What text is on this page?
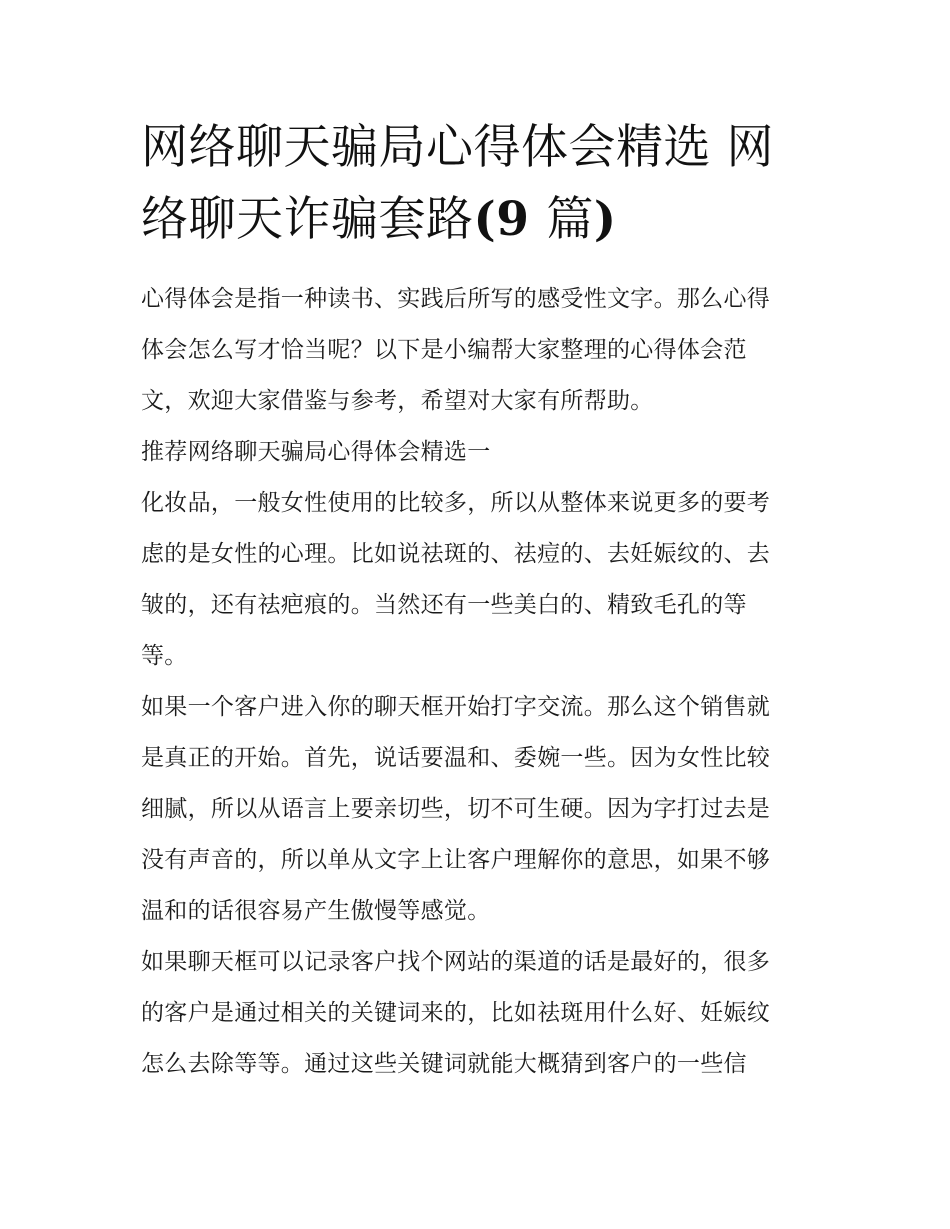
网络聊天骗局心得体会精选 网
络聊天诈骗套路(9 篇)

心得体会是指一种读书、实践后所写的感受性文字。那么心得
体会怎么写才恰当呢？以下是小编帮大家整理的心得体会范
文，欢迎大家借鉴与参考，希望对大家有所帮助。

推荐网络聊天骗局心得体会精选一

化妆品，一般女性使用的比较多，所以从整体来说更多的要考
虑的是女性的心理。比如说祛斑的、祛痘的、去妊娠纹的、去
皱的，还有祛疤痕的。当然还有一些美白的、精致毛孔的等
等。

如果一个客户进入你的聊天框开始打字交流。那么这个销售就
是真正的开始。首先，说话要温和、委婉一些。因为女性比较
细腻，所以从语言上要亲切些，切不可生硬。因为字打过去是
没有声音的，所以单从文字上让客户理解你的意思，如果不够
温和的话很容易产生傲慢等感觉。

如果聊天框可以记录客户找个网站的渠道的话是最好的，很多
的客户是通过相关的关键词来的，比如祛斑用什么好、妊娠纹
怎么去除等等。通过这些关键词就能大概猜到客户的一些信
